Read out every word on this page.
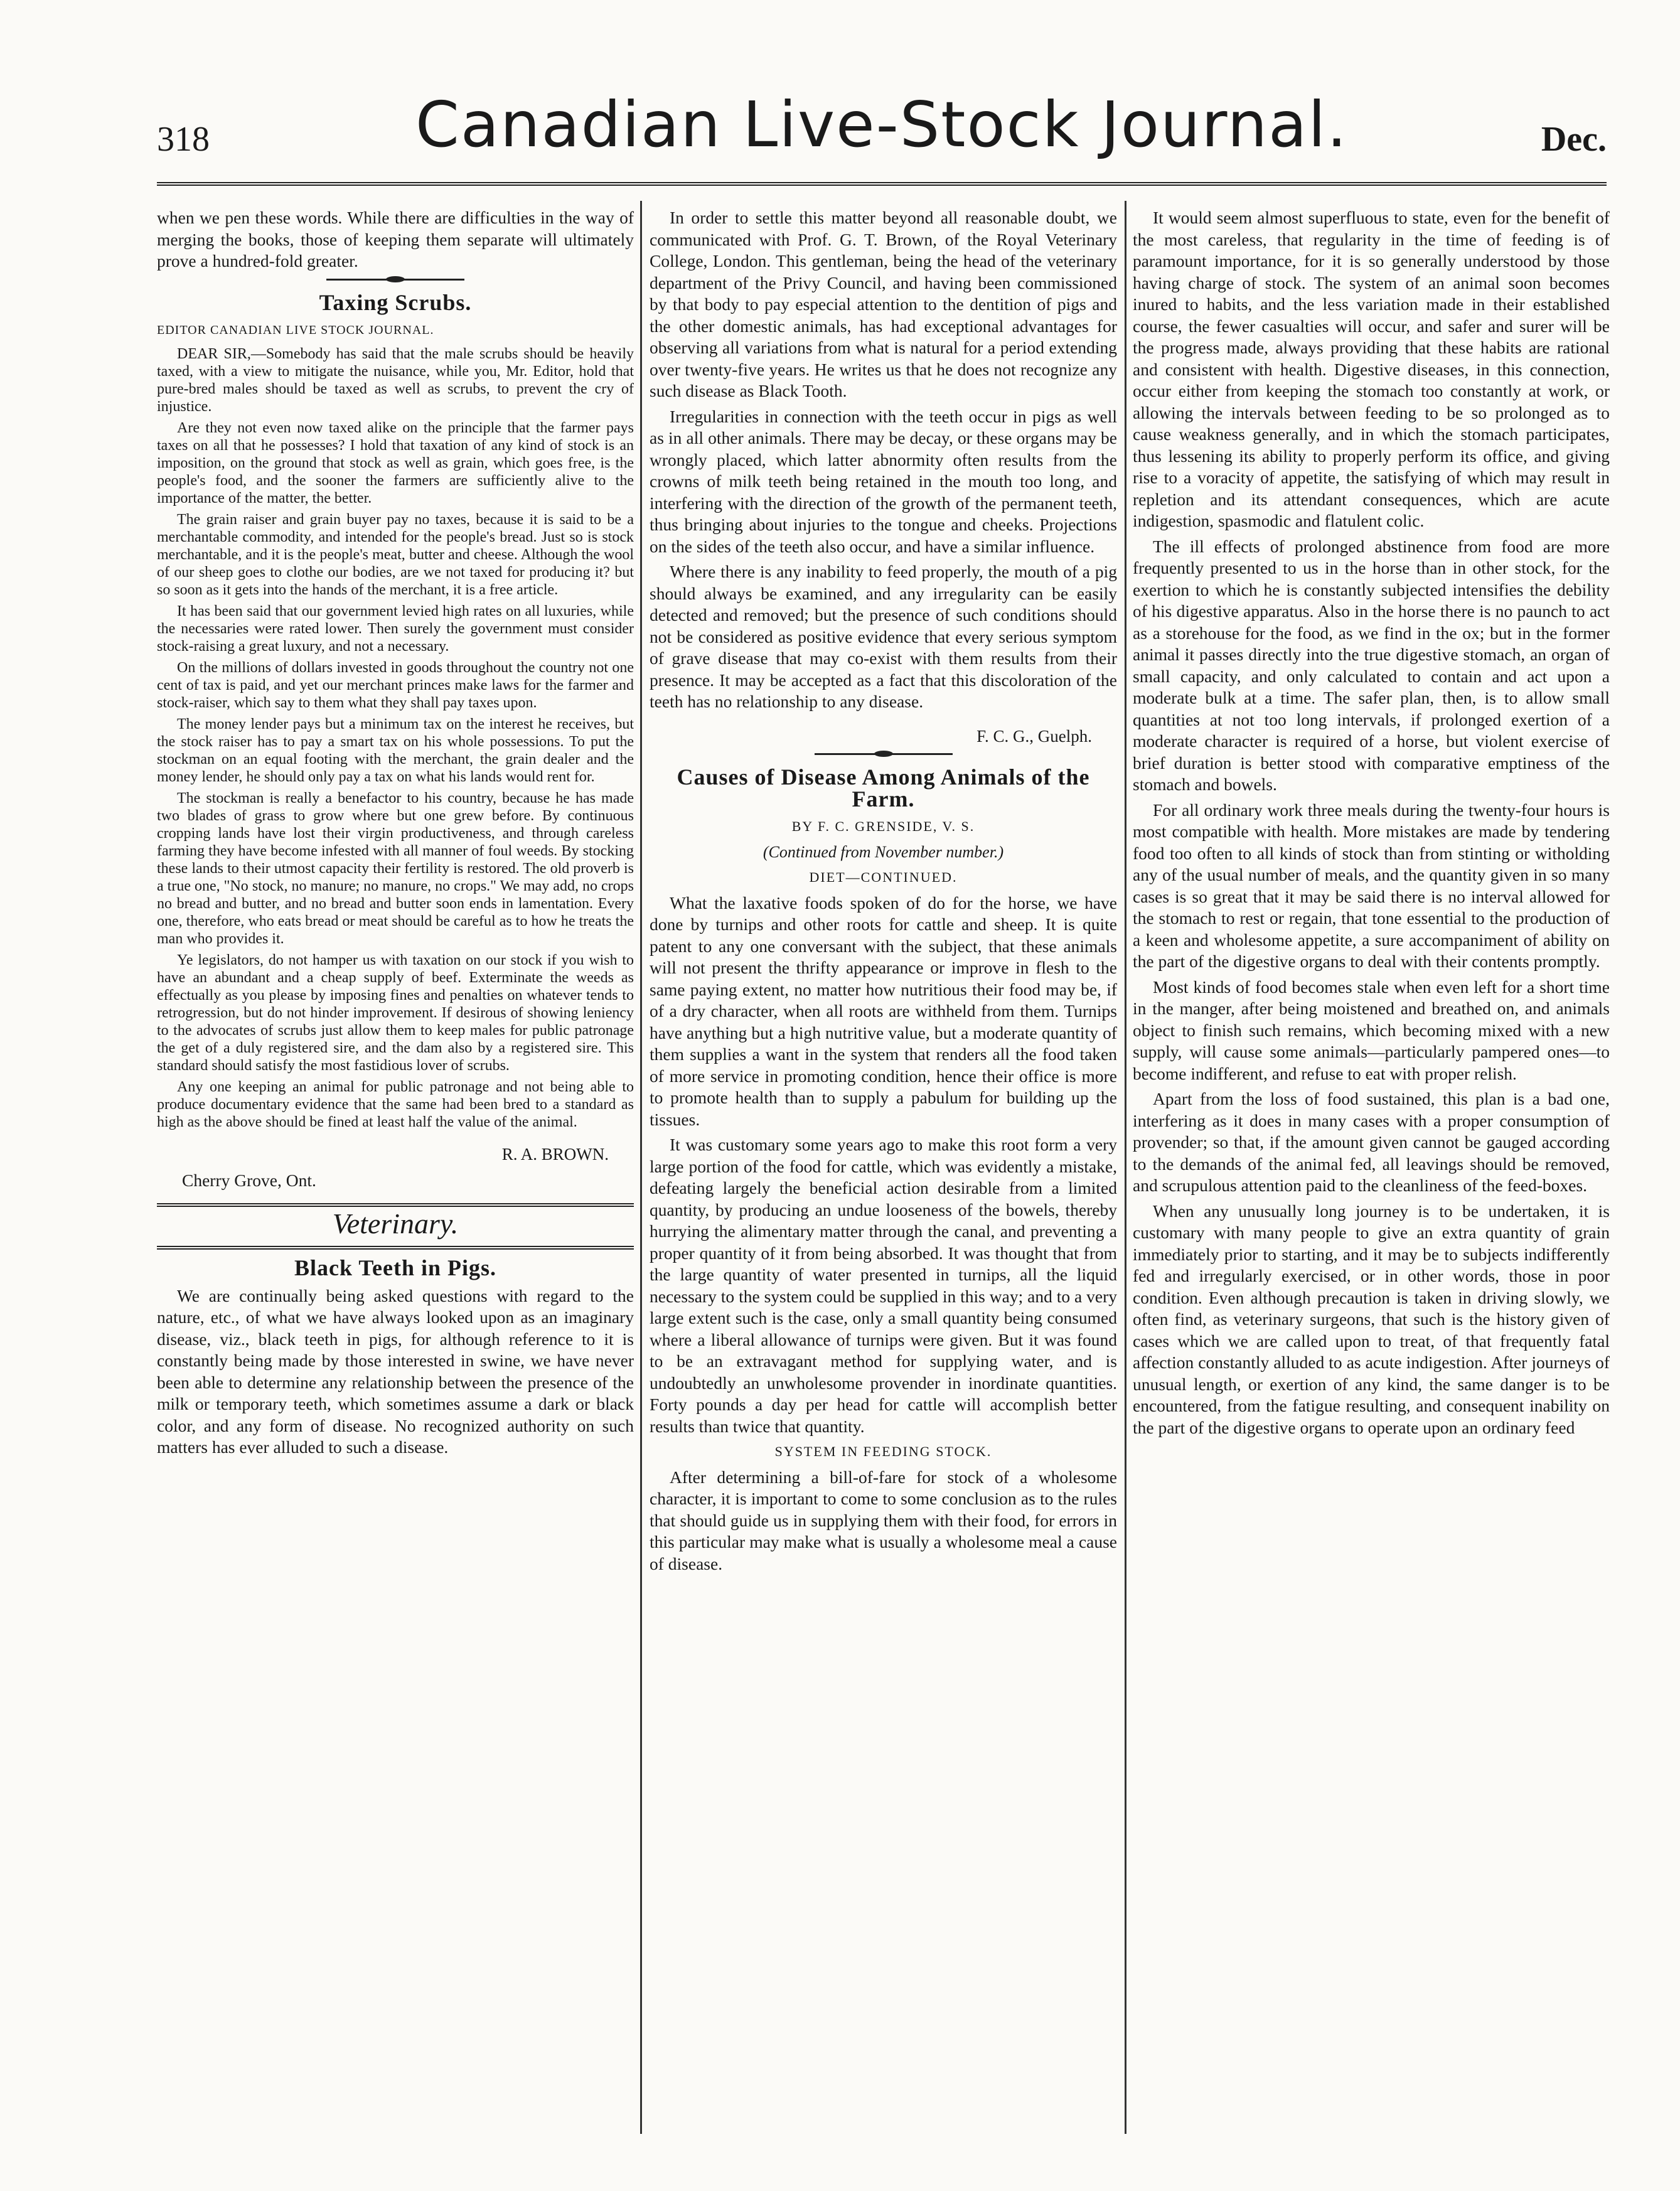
318	Canadian Live-Stock Journal.	Dec.

when we pen these words. While there are difficulties in the way of merging the books, those of keeping them separate will ultimately prove a hundred-fold greater.

Taxing Scrubs.
EDITOR CANADIAN LIVE STOCK JOURNAL.

DEAR SIR,—Somebody has said that the male scrubs should be heavily taxed, with a view to mitigate the nuisance, while you, Mr. Editor, hold that pure-bred males should be taxed as well as scrubs, to prevent the cry of injustice.

Are they not even now taxed alike on the principle that the farmer pays taxes on all that he possesses? I hold that taxation of any kind of stock is an imposition, on the ground that stock as well as grain, which goes free, is the people's food, and the sooner the farmers are sufficiently alive to the importance of the matter, the better.

The grain raiser and grain buyer pay no taxes, because it is said to be a merchantable commodity, and intended for the people's bread. Just so is stock merchantable, and it is the people's meat, butter and cheese. Although the wool of our sheep goes to clothe our bodies, are we not taxed for producing it? but so soon as it gets into the hands of the merchant, it is a free article.

It has been said that our government levied high rates on all luxuries, while the necessaries were rated lower. Then surely the government must consider stock-raising a great luxury, and not a necessary.

On the millions of dollars invested in goods throughout the country not one cent of tax is paid, and yet our merchant princes make laws for the farmer and stock-raiser, which say to them what they shall pay taxes upon.

The money lender pays but a minimum tax on the interest he receives, but the stock raiser has to pay a smart tax on his whole possessions. To put the stockman on an equal footing with the merchant, the grain dealer and the money lender, he should only pay a tax on what his lands would rent for.

The stockman is really a benefactor to his country, because he has made two blades of grass to grow where but one grew before. By continuous cropping lands have lost their virgin productiveness, and through careless farming they have become infested with all manner of foul weeds. By stocking these lands to their utmost capacity their fertility is restored. The old proverb is a true one, "No stock, no manure; no manure, no crops." We may add, no crops no bread and butter, and no bread and butter soon ends in lamentation. Every one, therefore, who eats bread or meat should be careful as to how he treats the man who provides it.

Ye legislators, do not hamper us with taxation on our stock if you wish to have an abundant and a cheap supply of beef. Exterminate the weeds as effectually as you please by imposing fines and penalties on whatever tends to retrogression, but do not hinder improvement. If desirous of showing leniency to the advocates of scrubs just allow them to keep males for public patronage the get of a duly registered sire, and the dam also by a registered sire. This standard should satisfy the most fastidious lover of scrubs.

Any one keeping an animal for public patronage and not being able to produce documentary evidence that the same had been bred to a standard as high as the above should be fined at least half the value of the animal.

R. A. BROWN.
Cherry Grove, Ont.
Veterinary.
Black Teeth in Pigs.

We are continually being asked questions with regard to the nature, etc., of what we have always looked upon as an imaginary disease, viz., black teeth in pigs, for although reference to it is constantly being made by those interested in swine, we have never been able to determine any relationship between the presence of the milk or temporary teeth, which sometimes assume a dark or black color, and any form of disease. No recognized authority on such matters has ever alluded to such a disease.

In order to settle this matter beyond all reasonable doubt, we communicated with Prof. G. T. Brown, of the Royal Veterinary College, London. This gentleman, being the head of the veterinary department of the Privy Council, and having been commissioned by that body to pay especial attention to the dentition of pigs and the other domestic animals, has had exceptional advantages for observing all variations from what is natural for a period extending over twenty-five years. He writes us that he does not recognize any such disease as Black Tooth.

Irregularities in connection with the teeth occur in pigs as well as in all other animals. There may be decay, or these organs may be wrongly placed, which latter abnormity often results from the crowns of milk teeth being retained in the mouth too long, and interfering with the direction of the growth of the permanent teeth, thus bringing about injuries to the tongue and cheeks. Projections on the sides of the teeth also occur, and have a similar influence.

Where there is any inability to feed properly, the mouth of a pig should always be examined, and any irregularity can be easily detected and removed; but the presence of such conditions should not be considered as positive evidence that every serious symptom of grave disease that may co-exist with them results from their presence. It may be accepted as a fact that this discoloration of the teeth has no relationship to any disease.

F. C. G., Guelph.
Causes of Disease Among Animals of the Farm.
BY F. C. GRENSIDE, V. S.
(Continued from November number.)
DIET—CONTINUED.

What the laxative foods spoken of do for the horse, we have done by turnips and other roots for cattle and sheep. It is quite patent to any one conversant with the subject, that these animals will not present the thrifty appearance or improve in flesh to the same paying extent, no matter how nutritious their food may be, if of a dry character, when all roots are withheld from them. Turnips have anything but a high nutritive value, but a moderate quantity of them supplies a want in the system that renders all the food taken of more service in promoting condition, hence their office is more to promote health than to supply a pabulum for building up the tissues.

It was customary some years ago to make this root form a very large portion of the food for cattle, which was evidently a mistake, defeating largely the beneficial action desirable from a limited quantity, by producing an undue looseness of the bowels, thereby hurrying the alimentary matter through the canal, and preventing a proper quantity of it from being absorbed. It was thought that from the large quantity of water presented in turnips, all the liquid necessary to the system could be supplied in this way; and to a very large extent such is the case, only a small quantity being consumed where a liberal allowance of turnips were given. But it was found to be an extravagant method for supplying water, and is undoubtedly an unwholesome provender in inordinate quantities. Forty pounds a day per head for cattle will accomplish better results than twice that quantity.

SYSTEM IN FEEDING STOCK.

After determining a bill-of-fare for stock of a wholesome character, it is important to come to some conclusion as to the rules that should guide us in supplying them with their food, for errors in this particular may make what is usually a wholesome meal a cause of disease.

It would seem almost superfluous to state, even for the benefit of the most careless, that regularity in the time of feeding is of paramount importance, for it is so generally understood by those having charge of stock. The system of an animal soon becomes inured to habits, and the less variation made in their established course, the fewer casualties will occur, and safer and surer will be the progress made, always providing that these habits are rational and consistent with health. Digestive diseases, in this connection, occur either from keeping the stomach too constantly at work, or allowing the intervals between feeding to be so prolonged as to cause weakness generally, and in which the stomach participates, thus lessening its ability to properly perform its office, and giving rise to a voracity of appetite, the satisfying of which may result in repletion and its attendant consequences, which are acute indigestion, spasmodic and flatulent colic.

The ill effects of prolonged abstinence from food are more frequently presented to us in the horse than in other stock, for the exertion to which he is constantly subjected intensifies the debility of his digestive apparatus. Also in the horse there is no paunch to act as a storehouse for the food, as we find in the ox; but in the former animal it passes directly into the true digestive stomach, an organ of small capacity, and only calculated to contain and act upon a moderate bulk at a time. The safer plan, then, is to allow small quantities at not too long intervals, if prolonged exertion of a moderate character is required of a horse, but violent exercise of brief duration is better stood with comparative emptiness of the stomach and bowels.

For all ordinary work three meals during the twenty-four hours is most compatible with health. More mistakes are made by tendering food too often to all kinds of stock than from stinting or witholding any of the usual number of meals, and the quantity given in so many cases is so great that it may be said there is no interval allowed for the stomach to rest or regain, that tone essential to the production of a keen and wholesome appetite, a sure accompaniment of ability on the part of the digestive organs to deal with their contents promptly.

Most kinds of food becomes stale when even left for a short time in the manger, after being moistened and breathed on, and animals object to finish such remains, which becoming mixed with a new supply, will cause some animals—particularly pampered ones—to become indifferent, and refuse to eat with proper relish.

Apart from the loss of food sustained, this plan is a bad one, interfering as it does in many cases with a proper consumption of provender; so that, if the amount given cannot be gauged according to the demands of the animal fed, all leavings should be removed, and scrupulous attention paid to the cleanliness of the feed-boxes.

When any unusually long journey is to be undertaken, it is customary with many people to give an extra quantity of grain immediately prior to starting, and it may be to subjects indifferently fed and irregularly exercised, or in other words, those in poor condition. Even although precaution is taken in driving slowly, we often find, as veterinary surgeons, that such is the history given of cases which we are called upon to treat, of that frequently fatal affection constantly alluded to as acute indigestion. After journeys of unusual length, or exertion of any kind, the same danger is to be encountered, from the fatigue resulting, and consequent inability on the part of the digestive organs to operate upon an ordinary feed
